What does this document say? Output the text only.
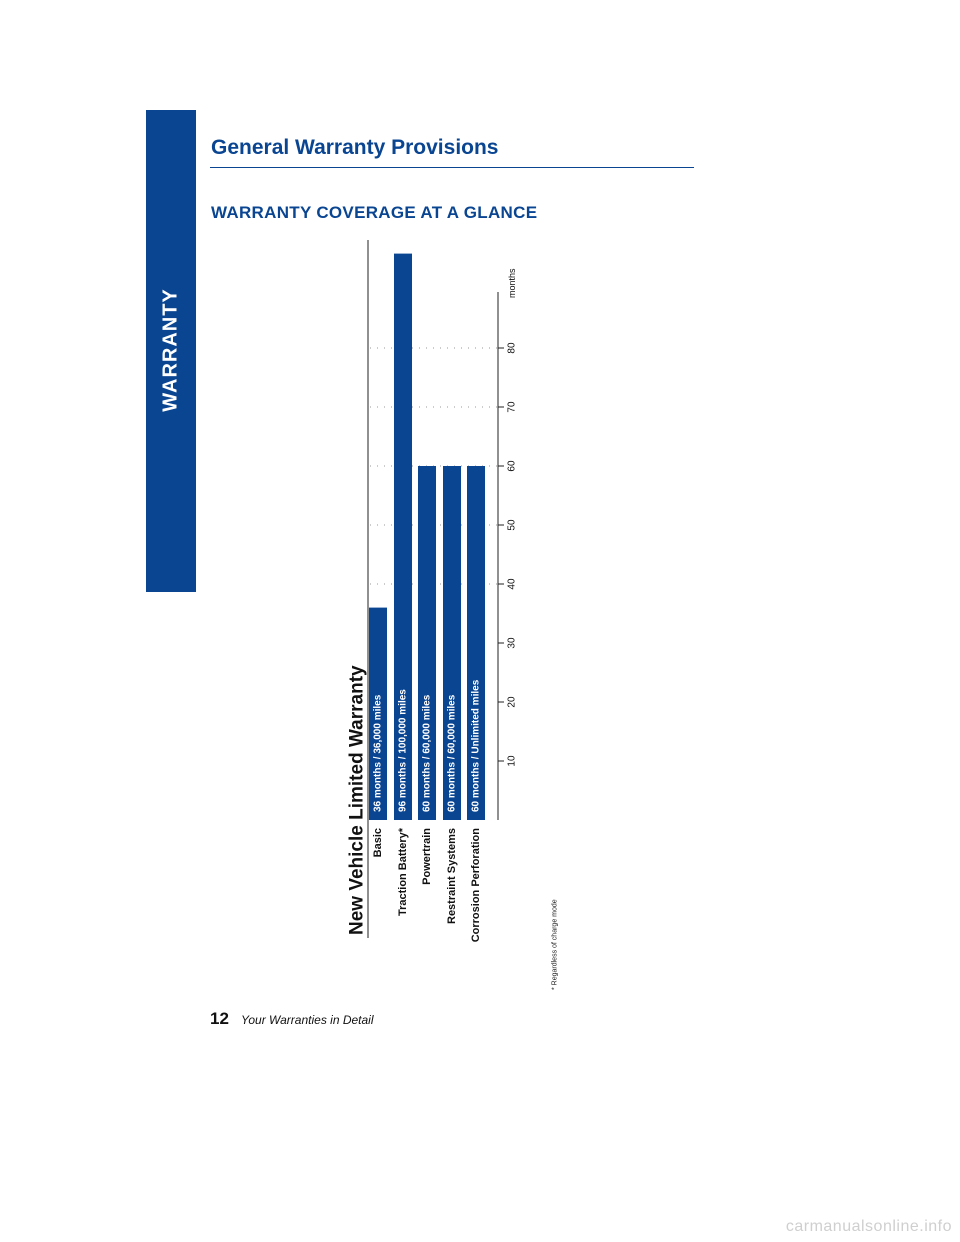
WARRANTY
General Warranty Provisions
WARRANTY COVERAGE AT A GLANCE
New Vehicle Limited Warranty	10
20
30
40
50
60
70
80
months
36 months / 36,000 miles
Basic
96 months / 100,000 miles
Traction Battery*
60 months / 60,000 miles
Powertrain
60 months / 60,000 miles
Restraint Systems
60 months / Unlimited miles
Corrosion Perforation
* Regardless of charge mode
12 Your Warranties in Detail
carmanualsonline.info
